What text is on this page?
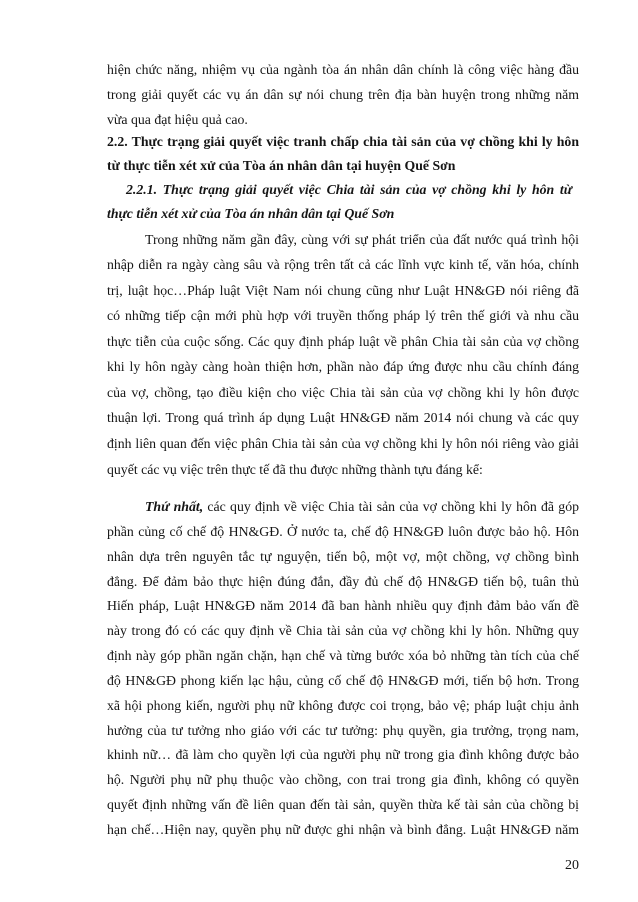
hiện chức năng, nhiệm vụ của ngành tòa án nhân dân chính là công việc hàng đầu
trong giải quyết các vụ án dân sự nói chung trên địa bàn huyện trong những năm
vừa qua đạt hiệu quả cao.
2.2. Thực trạng giải quyết việc tranh chấp chia tài sản của vợ chồng khi ly hôn
từ thực tiễn xét xử của Tòa án nhân dân tại huyện Quế Sơn
2.2.1. Thực trạng giải quyết việc Chia tài sản của vợ chồng khi ly hôn từ
thực tiễn xét xử của Tòa án nhân dân tại Quế Sơn
Trong những năm gần đây, cùng với sự phát triển của đất nước quá trình hội
nhập diễn ra ngày càng sâu và rộng trên tất cả các lĩnh vực kinh tế, văn hóa, chính
trị, luật học…Pháp luật Việt Nam nói chung cũng như Luật HN&GĐ nói riêng đã
có những tiếp cận mới phù hợp với truyền thống pháp lý trên thế giới và nhu cầu
thực tiễn của cuộc sống. Các quy định pháp luật về phân Chia tài sản của vợ chồng
khi ly hôn ngày càng hoàn thiện hơn, phần nào đáp ứng được nhu cầu chính đáng
của vợ, chồng, tạo điều kiện cho việc Chia tài sản của vợ chồng khi ly hôn được
thuận lợi. Trong quá trình áp dụng Luật HN&GĐ năm 2014 nói chung và các quy
định liên quan đến việc phân Chia tài sản của vợ chồng khi ly hôn nói riêng vào giải
quyết các vụ việc trên thực tế đã thu được những thành tựu đáng kể:
Thứ nhất, các quy định về việc Chia tài sản của vợ chồng khi ly hôn đã góp
phần củng cố chế độ HN&GĐ. Ở nước ta, chế độ HN&GĐ luôn được bảo hộ. Hôn
nhân dựa trên nguyên tắc tự nguyện, tiến bộ, một vợ, một chồng, vợ chồng bình
đẳng. Để đảm bảo thực hiện đúng đắn, đầy đủ chế độ HN&GĐ tiến bộ, tuân thủ
Hiến pháp, Luật HN&GĐ năm 2014 đã ban hành nhiều quy định đảm bảo vấn đề
này trong đó có các quy định về Chia tài sản của vợ chồng khi ly hôn. Những quy
định này góp phần ngăn chặn, hạn chế và từng bước xóa bỏ những tàn tích của chế
độ HN&GĐ phong kiến lạc hậu, củng cố chế độ HN&GĐ mới, tiến bộ hơn. Trong
xã hội phong kiến, người phụ nữ không được coi trọng, bảo vệ; pháp luật chịu ảnh
hưởng của tư tưởng nho giáo với các tư tưởng: phụ quyền, gia trưởng, trọng nam,
khinh nữ… đã làm cho quyền lợi của người phụ nữ trong gia đình không được bảo
hộ. Người phụ nữ phụ thuộc vào chồng, con trai trong gia đình, không có quyền
quyết định những vấn đề liên quan đến tài sản, quyền thừa kế tài sản của chồng bị
hạn chế…Hiện nay, quyền phụ nữ được ghi nhận và bình đẳng. Luật HN&GĐ năm
20
